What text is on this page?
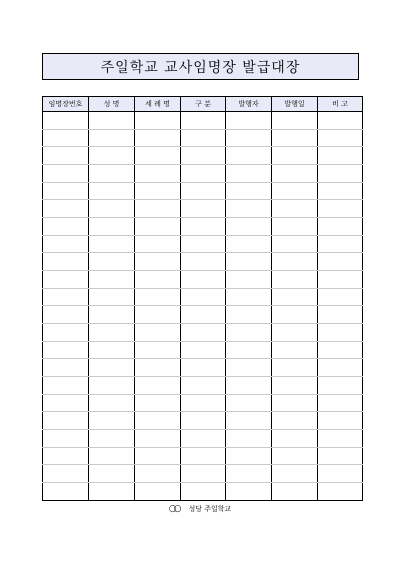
주일학교 교사임명장 발급대장
임명장번호	성 명	세 례 명	구 분	발행자	발행일	비 고

○○ 성당 주일학교
